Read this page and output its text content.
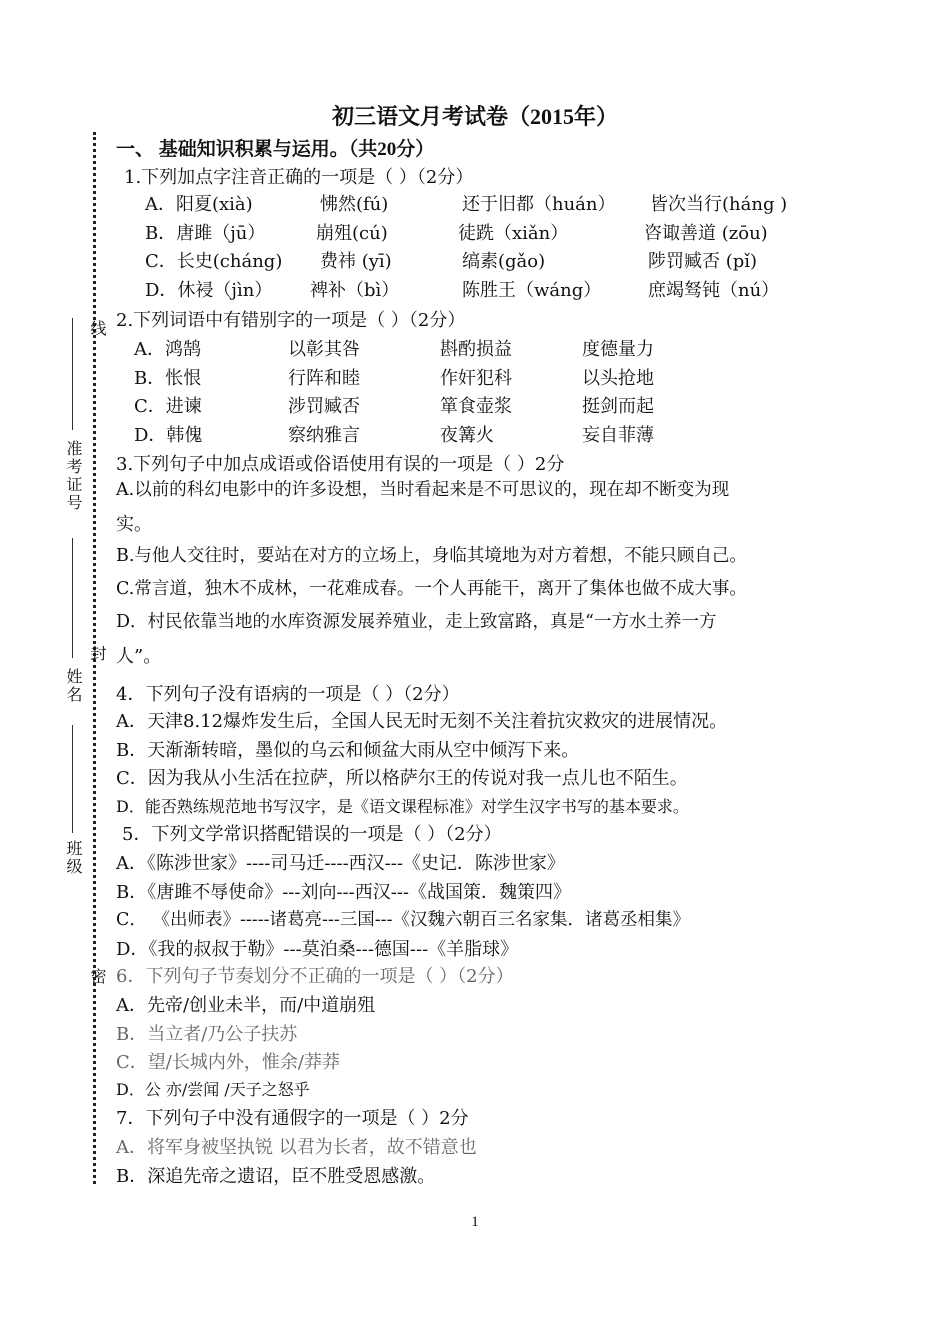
线
封
密
准考证号
姓名
班级
初三语文月考试卷（2015年）
一、 基础知识积累与运用。（共20分）
1.下列加点字注音正确的一项是（ ）（2分）
A．阳夏(xià)	怫然(fú)	还于旧都（huán） 皆次当行(háng )
B．唐雎（jū）	崩殂(cú)	徒跣（xiǎn）	咨诹善道 (zōu)
C．长史(cháng) 费祎 (yī)	缟素(gǎo)	陟罚臧否 (pǐ)
D．休祲（jìn） 裨补（bì）	陈胜王（wáng）	庶竭驽钝（nú）
2.下列词语中有错别字的一项是（ ）（2分）
A．鸿鹄	以彰其咎	斟酌损益	度德量力
B．怅恨	行阵和睦	作奸犯科	以头抢地
C．进谏	涉罚臧否	箪食壶浆	挺剑而起
D．韩傀	察纳雅言	夜篝火	妄自菲薄
3.下列句子中加点成语或俗语使用有误的一项是（ ）2分
A.以前的科幻电影中的许多设想，当时看起来是不可思议的，现在却不断变为现
实。
B.与他人交往时，要站在对方的立场上，身临其境地为对方着想，不能只顾自己。
C.常言道，独木不成林，一花难成春。一个人再能干，离开了集体也做不成大事。
D．村民依靠当地的水库资源发展养殖业，走上致富路，真是“一方水土养一方
人”。
4．下列句子没有语病的一项是（ ）（2分）
A．天津8.12爆炸发生后，全国人民无时无刻不关注着抗灾救灾的进展情况。
B．天渐渐转暗，墨似的乌云和倾盆大雨从空中倾泻下来。
C．因为我从小生活在拉萨，所以格萨尔王的传说对我一点儿也不陌生。
D．能否熟练规范地书写汉字，是《语文课程标准》对学生汉字书写的基本要求。
5．下列文学常识搭配错误的一项是（ ）（2分）
A．《陈涉世家》----司马迁----西汉---《史记．陈涉世家》
B．《唐雎不辱使命》---刘向---西汉---《战国策．魏策四》
C． 《出师表》-----诸葛亮---三国---《汉魏六朝百三名家集．诸葛丞相集》
D．《我的叔叔于勒》---莫泊桑---德国---《羊脂球》
6．下列句子节奏划分不正确的一项是（ ）（2分）
A．先帝/创业未半，而/中道崩殂
B．当立者/乃公子扶苏
C．望/长城内外，惟余/莽莽
D．公 亦/尝闻 /天子之怒乎
7．下列句子中没有通假字的一项是（ ）2分
A．将军身被坚执锐 以君为长者，故不错意也
B．深追先帝之遗诏，臣不胜受恩感激。
1
